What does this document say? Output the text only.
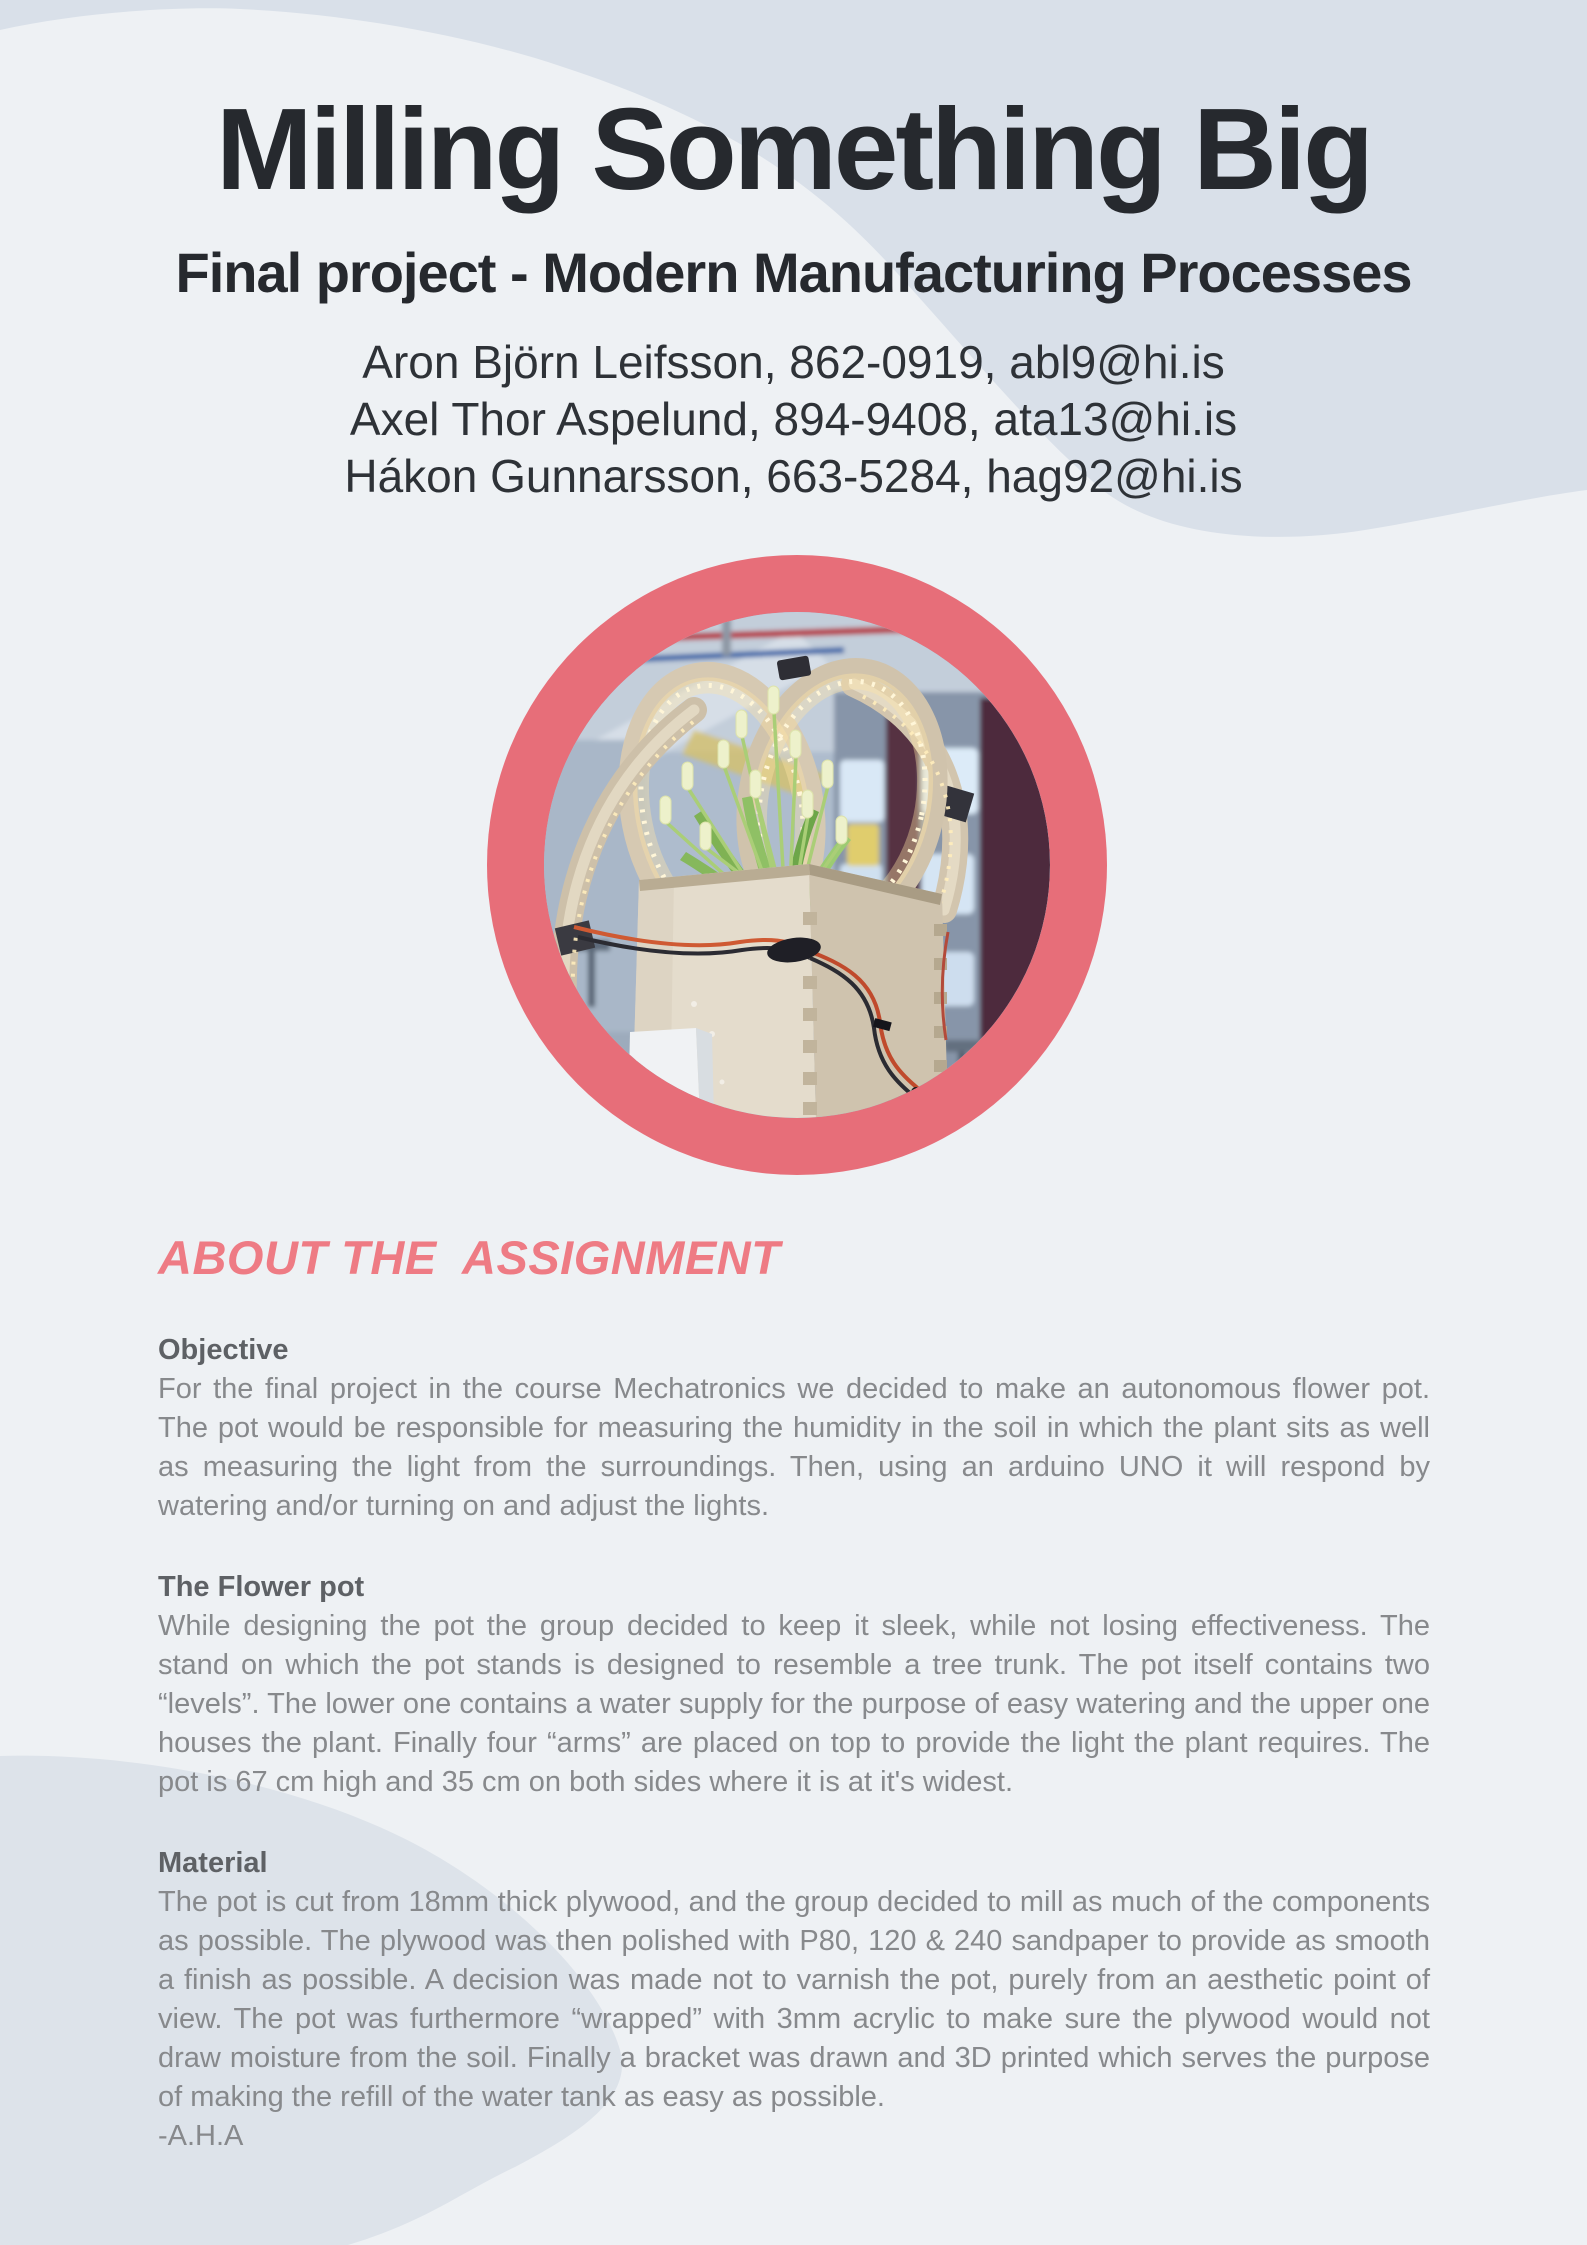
Milling Something Big
Final project - Modern Manufacturing Processes
Aron Björn Leifsson, 862-0919, abl9@hi.is
Axel Thor Aspelund, 894-9408, ata13@hi.is
Hákon Gunnarsson, 663-5284, hag92@hi.is
ABOUT THE  ASSIGNMENT
Objective

For the final project in the course Mechatronics we decided to make an autonomous flower pot. The pot would be responsible for measuring the humidity in the soil in which the plant sits as well as measuring the light from the surroundings. Then, using an arduino UNO it will respond by watering and/or turning on and adjust the lights.

The Flower pot

While designing the pot the group decided to keep it sleek, while not losing effectiveness. The stand on which the pot stands is designed to resemble a tree trunk. The pot itself contains two “levels”. The lower one contains a water supply for the purpose of easy watering and the upper one houses the plant. Finally four “arms” are placed on top to provide the light the plant requires. The pot is 67 cm high and 35 cm on both sides where it is at it's widest.

Material

The pot is cut from 18mm thick plywood, and the group decided to mill as much of the components as possible. The plywood was then polished with P80, 120 & 240 sandpaper to provide as smooth a finish as possible. A decision was made not to varnish the pot, purely from an aesthetic point of view. The pot was furthermore “wrapped” with 3mm acrylic to make sure the plywood would not draw moisture from the soil. Finally a bracket was drawn and 3D printed which serves the purpose of making the refill of the water tank as easy as possible.

-A.H.A
